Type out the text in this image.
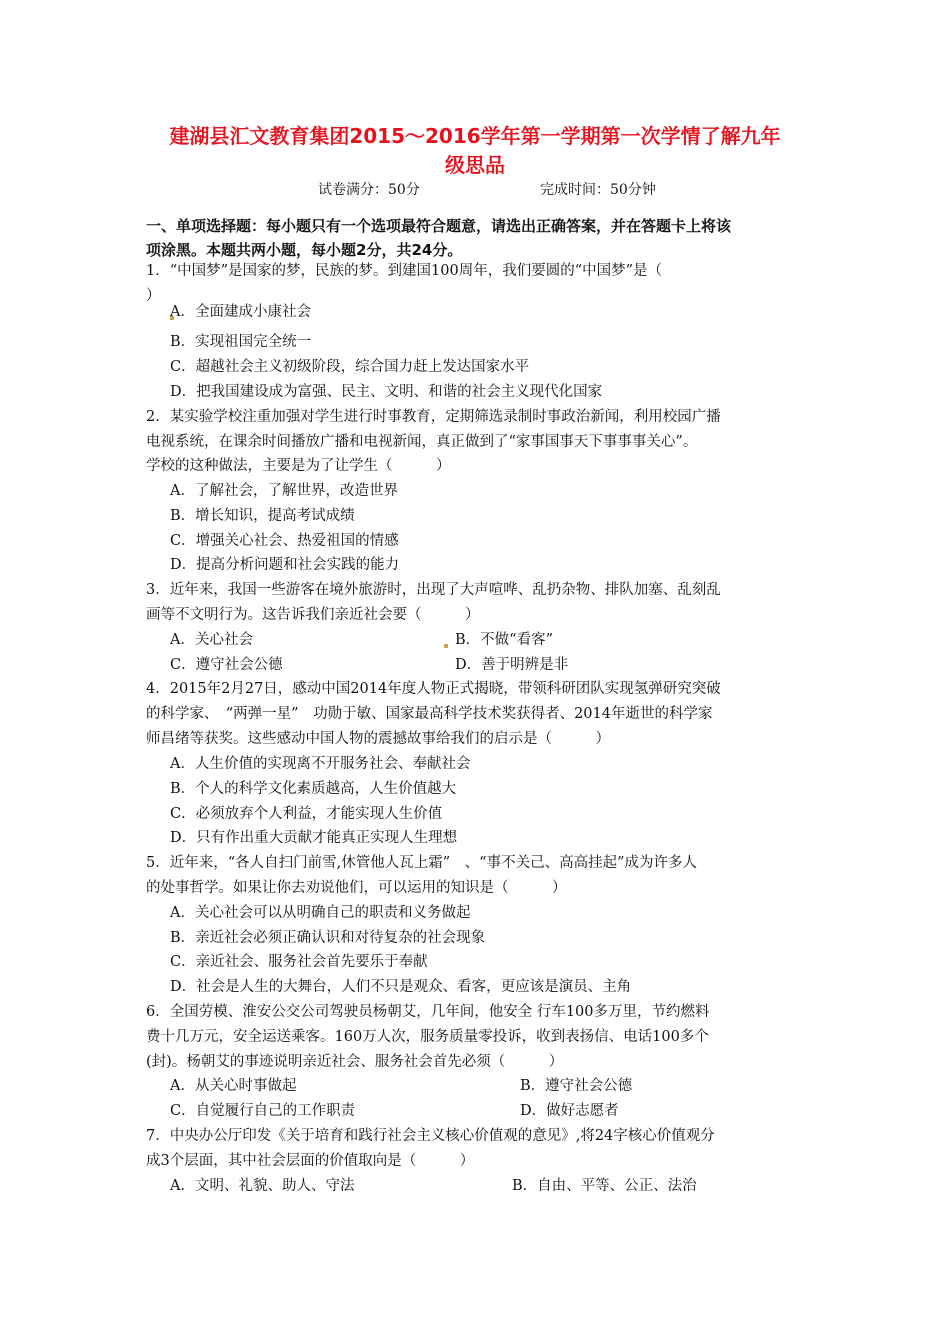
建湖县汇文教育集团2015～2016学年第一学期第一次学情了解九年
级思品
试卷满分：50分	完成时间：50分钟
一、单项选择题：每小题只有一个选项最符合题意，请选出正确答案，并在答题卡上将该
项涂黑。本题共两小题，每小题2分，共24分。
1．“中国梦”是国家的梦，民族的梦。到建国100周年，我们要圆的“中国梦”是（
）
A．全面建成小康社会
B．实现祖国完全统一
C．超越社会主义初级阶段，综合国力赶上发达国家水平
D．把我国建设成为富强、民主、文明、和谐的社会主义现代化国家
2．某实验学校注重加强对学生进行时事教育，定期筛选录制时事政治新闻，利用校园广播
电视系统，在课余时间播放广播和电视新闻，真正做到了“家事国事天下事事事关心”。
学校的这种做法，主要是为了让学生（　　　）
A．了解社会，了解世界，改造世界
B．增长知识，提高考试成绩
C．增强关心社会、热爱祖国的情感
D．提高分析问题和社会实践的能力
3．近年来，我国一些游客在境外旅游时，出现了大声喧哗、乱扔杂物、排队加塞、乱刻乱
画等不文明行为。这告诉我们亲近社会要（　　　）
A．关心社会	B．不做“看客”
C．遵守社会公德	D．善于明辨是非
4．2015年2月27日，感动中国2014年度人物正式揭晓，带领科研团队实现氢弹研究突破
的科学家、　“两弹一星”　功勋于敏、国家最高科学技术奖获得者、2014年逝世的科学家
师昌绪等获奖。这些感动中国人物的震撼故事给我们的启示是（　　　）
A．人生价值的实现离不开服务社会、奉献社会
B．个人的科学文化素质越高，人生价值越大
C．必须放弃个人利益，才能实现人生价值
D．只有作出重大贡献才能真正实现人生理想
5．近年来，“各人自扫门前雪,休管他人瓦上霜”　、“事不关己、高高挂起”成为许多人
的处事哲学。如果让你去劝说他们，可以运用的知识是（　　　）
A．关心社会可以从明确自己的职责和义务做起
B．亲近社会必须正确认识和对待复杂的社会现象
C．亲近社会、服务社会首先要乐于奉献
D．社会是人生的大舞台，人们不只是观众、看客，更应该是演员、主角
6．全国劳模、淮安公交公司驾驶员杨朝艾，几年间，他安全 行车100多万里，节约燃料
费十几万元，安全运送乘客。160万人次，服务质量零投诉，收到表扬信、电话100多个
(封)。杨朝艾的事迹说明亲近社会、服务社会首先必须（　　　）
A．从关心时事做起	B．遵守社会公德
C．自觉履行自己的工作职责	D．做好志愿者
7．中央办公厅印发《关于培育和践行社会主义核心价值观的意见》,将24字核心价值观分
成3个层面，其中社会层面的价值取向是（　　　）
A．文明、礼貌、助人、守法	B．自由、平等、公正、法治
